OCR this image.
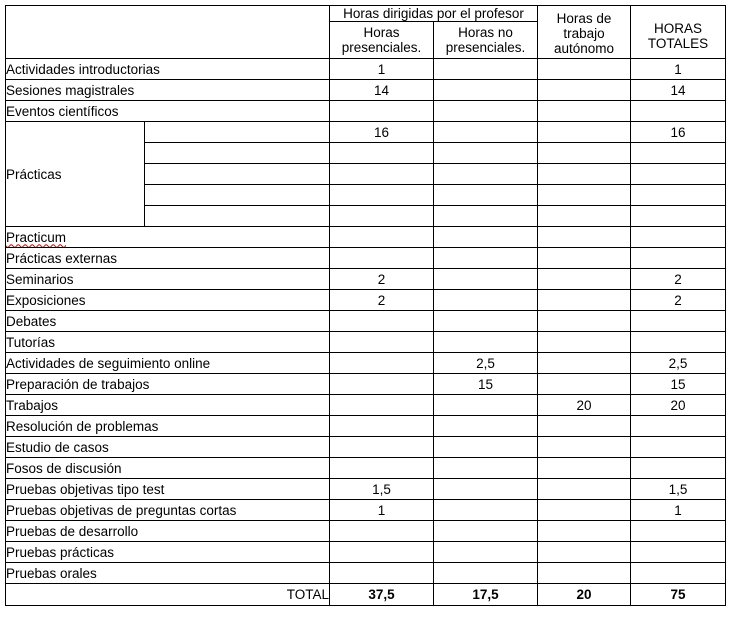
		Horas dirigidas por el profesor		Horas de trabajo autónomo	HORAS TOTALES
		Horas presenciales.	Horas no presenciales.		
Actividades introductorias		1			1
Sesiones magistrales		14			14
Eventos científicos					
Prácticas		16			16

Practicum					
Prácticas externas					
Seminarios		2			2
Exposiciones		2			2
Debates					
Tutorías					
Actividades de seguimiento online			2,5		2,5
Preparación de trabajos			15		15
Trabajos				20	20
Resolución de problemas					
Estudio de casos					
Fosos de discusión					
Pruebas objetivas tipo test		1,5			1,5
Pruebas objetivas de preguntas cortas		1			1
Pruebas de desarrollo					
Pruebas prácticas					
Pruebas orales					
TOTAL		37,5	17,5	20	75
